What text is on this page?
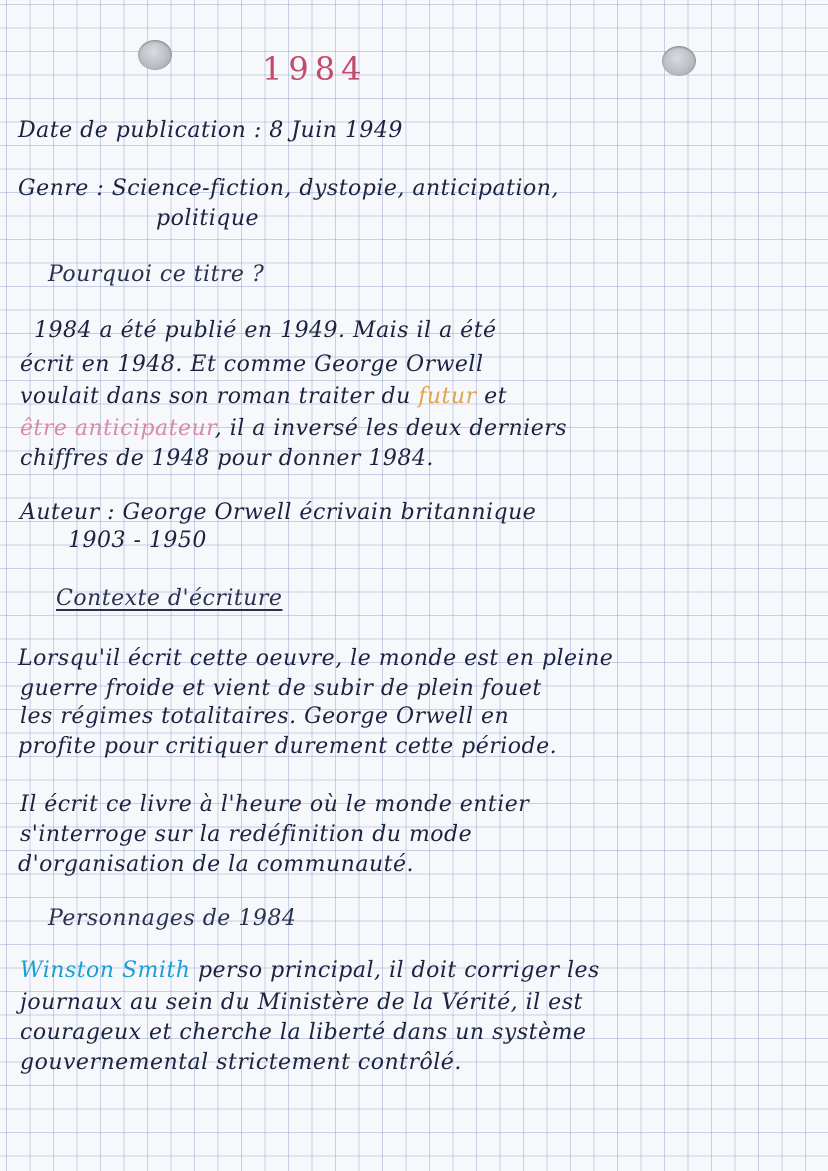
1984
Date de publication : 8 Juin 1949
Genre : Science-fiction, dystopie, anticipation,
politique
Pourquoi ce titre ?
1984 a été publié en 1949. Mais il a été
écrit en 1948. Et comme George Orwell
voulait dans son roman traiter du futur et
être anticipateur, il a inversé les deux derniers
chiffres de 1948 pour donner 1984.
Auteur : George Orwell écrivain britannique
1903 - 1950
Contexte d'écriture
Lorsqu'il écrit cette oeuvre, le monde est en pleine
guerre froide et vient de subir de plein fouet
les régimes totalitaires. George Orwell en
profite pour critiquer durement cette période.
Il écrit ce livre à l'heure où le monde entier
s'interroge sur la redéfinition du mode
d'organisation de la communauté.
Personnages de 1984
Winston Smith perso principal, il doit corriger les
journaux au sein du Ministère de la Vérité, il est
courageux et cherche la liberté dans un système
gouvernemental strictement contrôlé.
